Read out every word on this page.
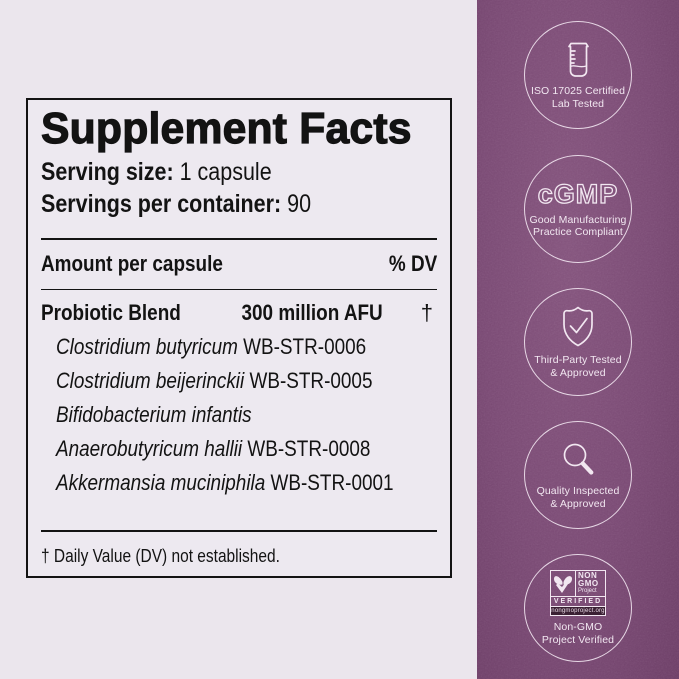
Supplement Facts
Serving size: 1 capsule
Servings per container: 90
Amount per capsule	% DV
Probiotic Blend	300 million AFU †
Clostridium butyricum WB-STR-0006
Clostridium beijerinckii WB-STR-0005
Bifidobacterium infantis
Anaerobutyricum hallii WB-STR-0008
Akkermansia muciniphila WB-STR-0001
† Daily Value (DV) not established.
ISO 17025 Certified
Lab Tested
cGMP
Good Manufacturing
Practice Compliant
Third-Party Tested
& Approved
Quality Inspected
& Approved
NON
GMO
Project
VERIFIED
nongmoproject.org
Non-GMO
Project Verified
